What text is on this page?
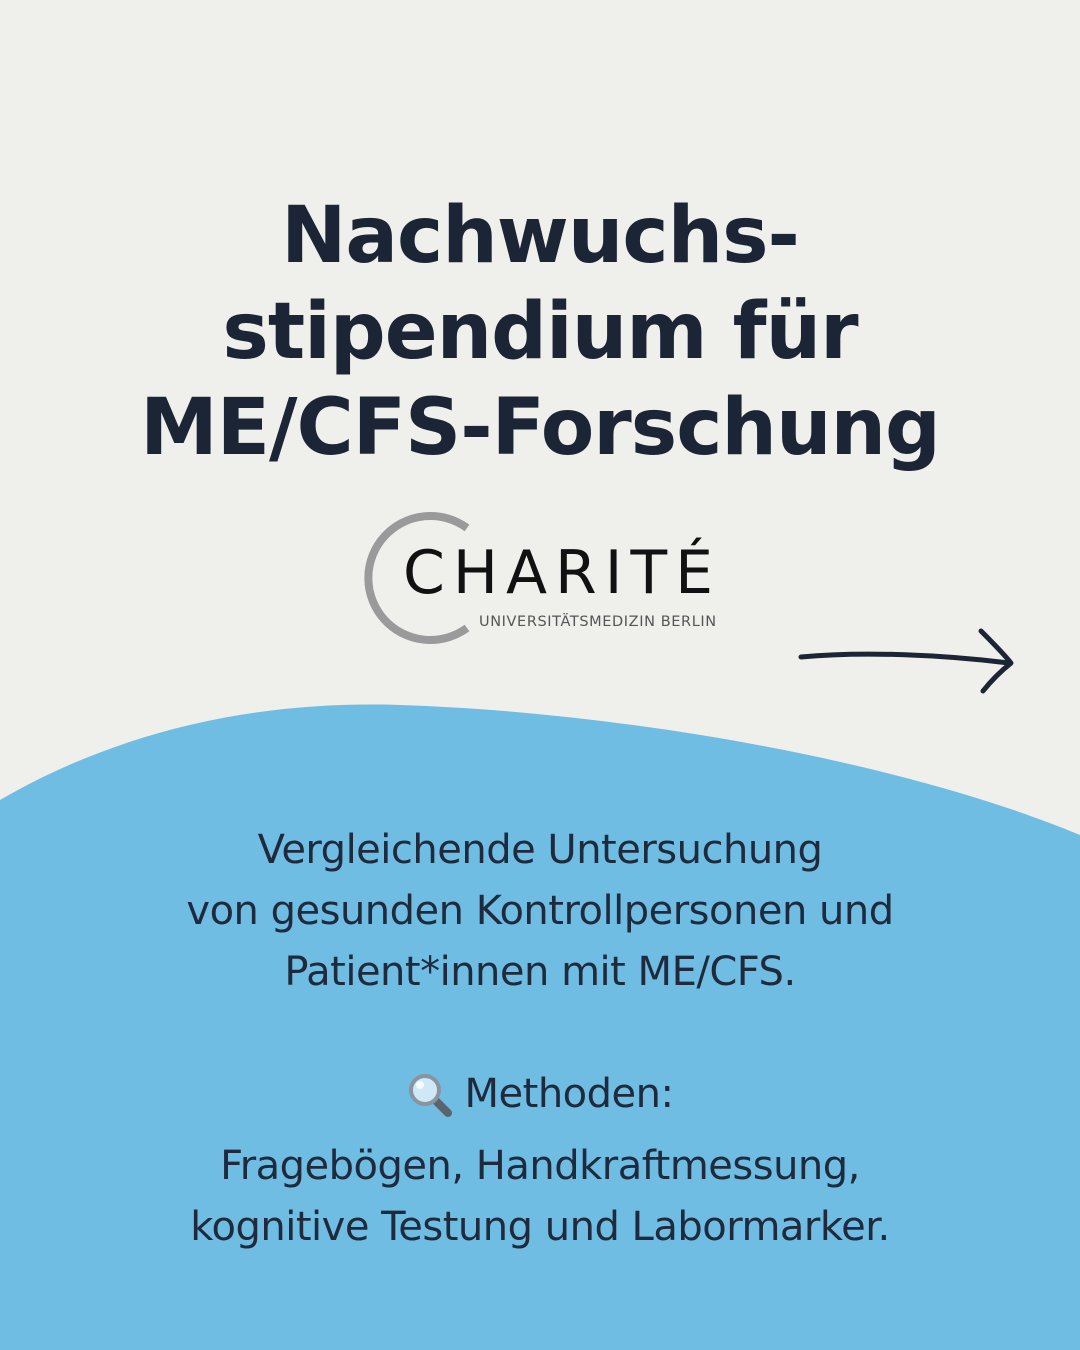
Nachwuchs-
stipendium für
ME/CFS-Forschung
CHARITÉ
UNIVERSITÄTSMEDIZIN BERLIN
Vergleichende Untersuchung
von gesunden Kontrollpersonen und
Patient*innen mit ME/CFS.
Methoden:
Fragebögen, Handkraftmessung,
kognitive Testung und Labormarker.
